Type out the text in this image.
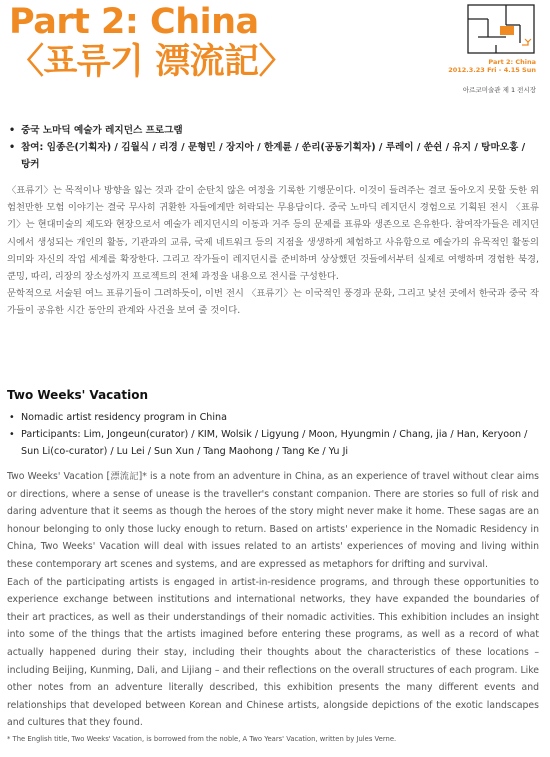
Part 2: China
〈표류기 漂流記〉	Part 2: China
2012.3.23 Fri - 4.15 Sun
아르코미술관 제 1 전시장
• 중국 노마딕 예술가 레지던스 프로그램
• 참여: 임종은(기획자) / 김월식 / 리경 / 문형민 / 장지아 / 한계륜 / 쑨리(공동기획자) / 루레이 / 쑨쉰 / 유지 / 탕마오홍 / 탕커

〈표류기〉는 목적이나 방향을 잃는 것과 같이 순탄치 않은 여정을 기록한 기행문이다. 이것이 들려주는 결코 돌아오지 못할 듯한 위험천만한 모험 이야기는 결국 무사히 귀환한 자들에게만 허락되는 무용담이다. 중국 노마딕 레지던시 경험으로 기획된 전시 〈표류기〉는 현대미술의 제도와 현장으로서 예술가 레지던시의 이동과 거주 등의 문제를 표류와 생존으로 은유한다. 참여작가들은 레지던시에서 생성되는 개인의 활동, 기관과의 교류, 국제 네트워크 등의 지점을 생생하게 체험하고 사유함으로 예술가의 유목적인 활동의 의미와 자신의 작업 세계를 확장한다. 그리고 작가들이 레지던시를 준비하며 상상했던 것들에서부터 실제로 여행하며 경험한 북경, 쿤밍, 따리, 리장의 장소성까지 프로젝트의 전체 과정을 내용으로 전시를 구성한다.

문학적으로 서술된 여느 표류기들이 그려하듯이, 이번 전시 〈표류기〉는 이국적인 풍경과 문화, 그리고 낯선 곳에서 한국과 중국 작가들이 공유한 시간 동안의 관계와 사건을 보여 줄 것이다.

Two Weeks' Vacation
• Nomadic artist residency program in China
• Participants: Lim, Jongeun(curator) / KIM, Wolsik / Ligyung / Moon, Hyungmin / Chang, jia / Han, Keryoon / Sun Li(co-curator) / Lu Lei / Sun Xun / Tang Maohong / Tang Ke / Yu Ji

Two Weeks' Vacation [漂流記]* is a note from an adventure in China, as an experience of travel without clear aims or directions, where a sense of unease is the traveller's constant companion. There are stories so full of risk and daring adventure that it seems as though the heroes of the story might never make it home. These sagas are an honour belonging to only those lucky enough to return. Based on artists' experience in the Nomadic Residency in China, Two Weeks' Vacation will deal with issues related to an artists' experiences of moving and living within these contemporary art scenes and systems, and are expressed as metaphors for drifting and survival.

Each of the participating artists is engaged in artist-in-residence programs, and through these opportunities to experience exchange between institutions and international networks, they have expanded the boundaries of their art practices, as well as their understandings of their nomadic activities. This exhibition includes an insight into some of the things that the artists imagined before entering these programs, as well as a record of what actually happened during their stay, including their thoughts about the characteristics of these locations – including Beijing, Kunming, Dali, and Lijiang – and their reflections on the overall structures of each program. Like other notes from an adventure literally described, this exhibition presents the many different events and relationships that developed between Korean and Chinese artists, alongside depictions of the exotic landscapes and cultures that they found.

* The English title, Two Weeks' Vacation, is borrowed from the noble, A Two Years' Vacation, written by Jules Verne.
